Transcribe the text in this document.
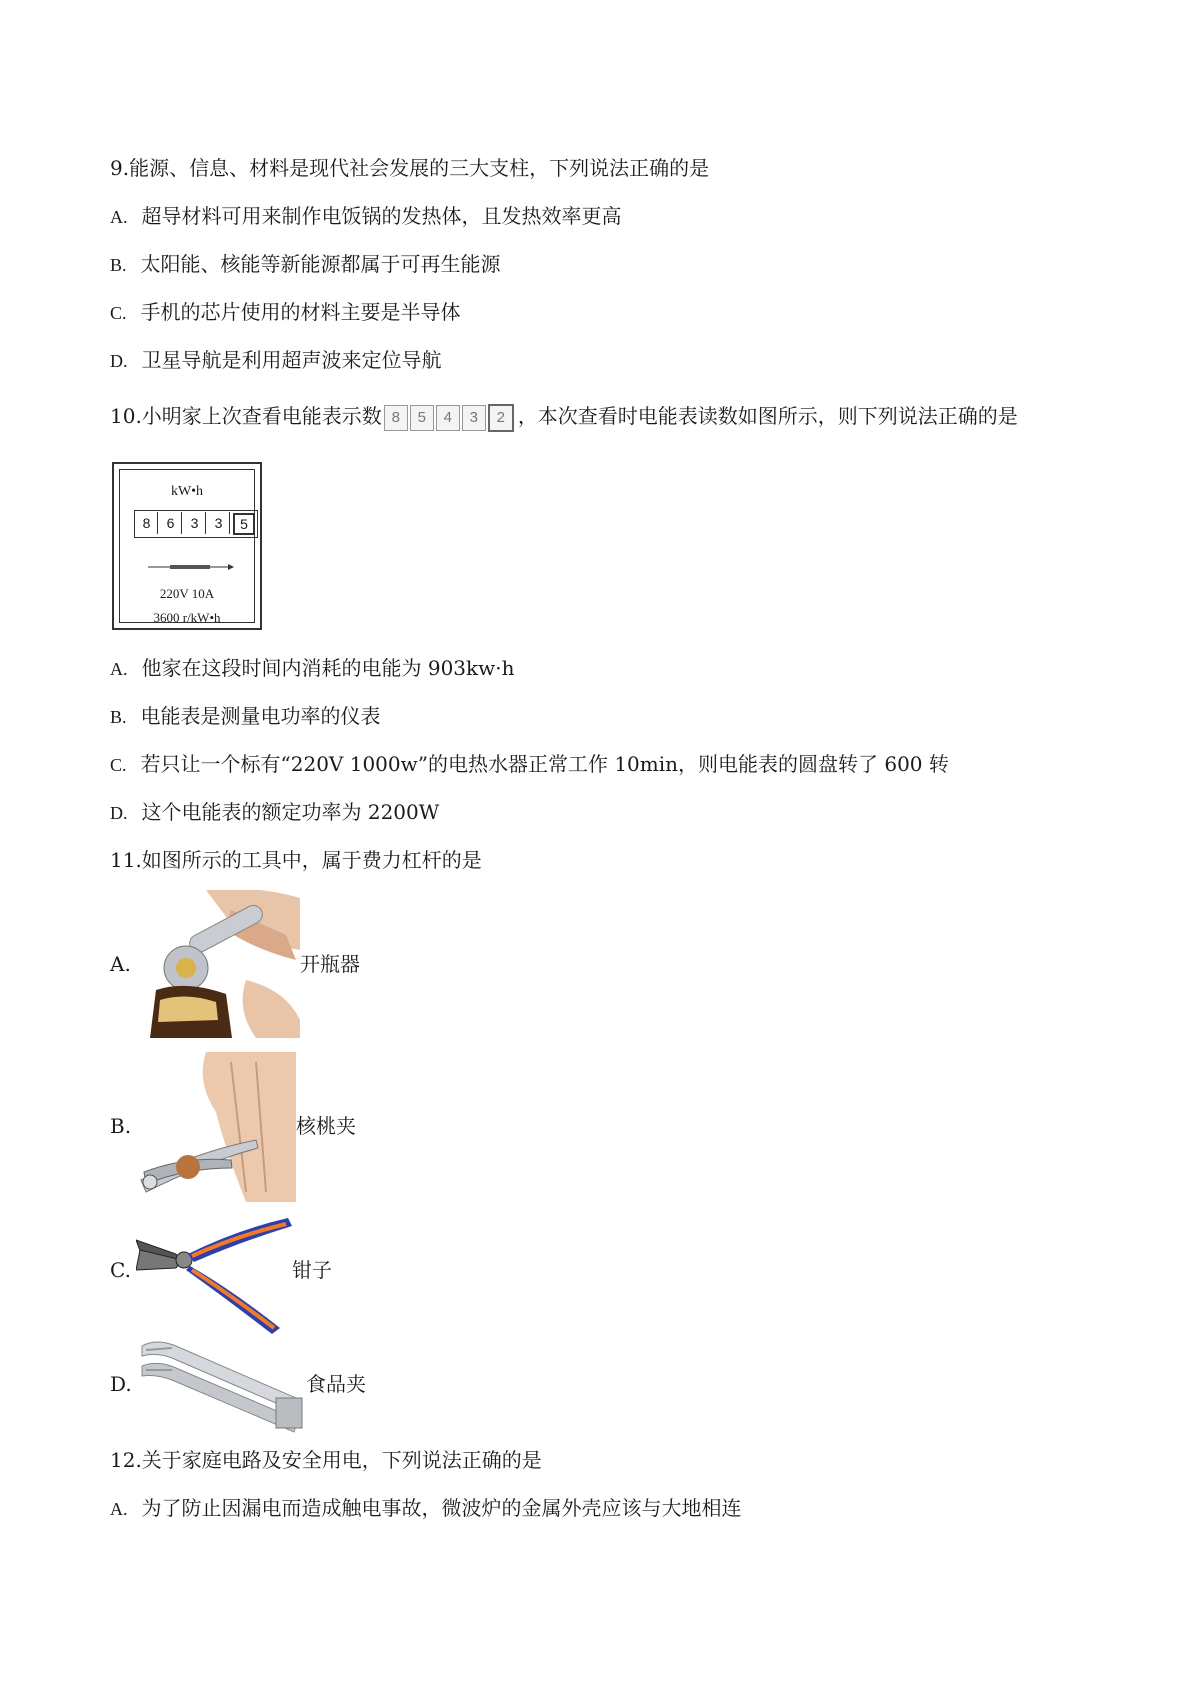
9.能源、信息、材料是现代社会发展的三大支柱，下列说法正确的是
A. 超导材料可用来制作电饭锅的发热体，且发热效率更高
B. 太阳能、核能等新能源都属于可再生能源
C. 手机的芯片使用的材料主要是半导体
D. 卫星导航是利用超声波来定位导航
10.小明家上次查看电能表示数 8 5 4 3 2 ，本次查看时电能表读数如图所示，则下列说法正确的是
kW•h
8	6	3	3	5
220V 10A
3600 r/kW•h
A. 他家在这段时间内消耗的电能为 903kw·h
B. 电能表是测量电功率的仪表
C. 若只让一个标有“220V 1000w”的电热水器正常工作 10min，则电能表的圆盘转了 600 转
D. 这个电能表的额定功率为 2200W
11.如图所示的工具中，属于费力杠杆的是
A.	开瓶器
B.	核桃夹
C.	钳子
D.	食品夹
12.关于家庭电路及安全用电，下列说法正确的是
A. 为了防止因漏电而造成触电事故，微波炉的金属外壳应该与大地相连
